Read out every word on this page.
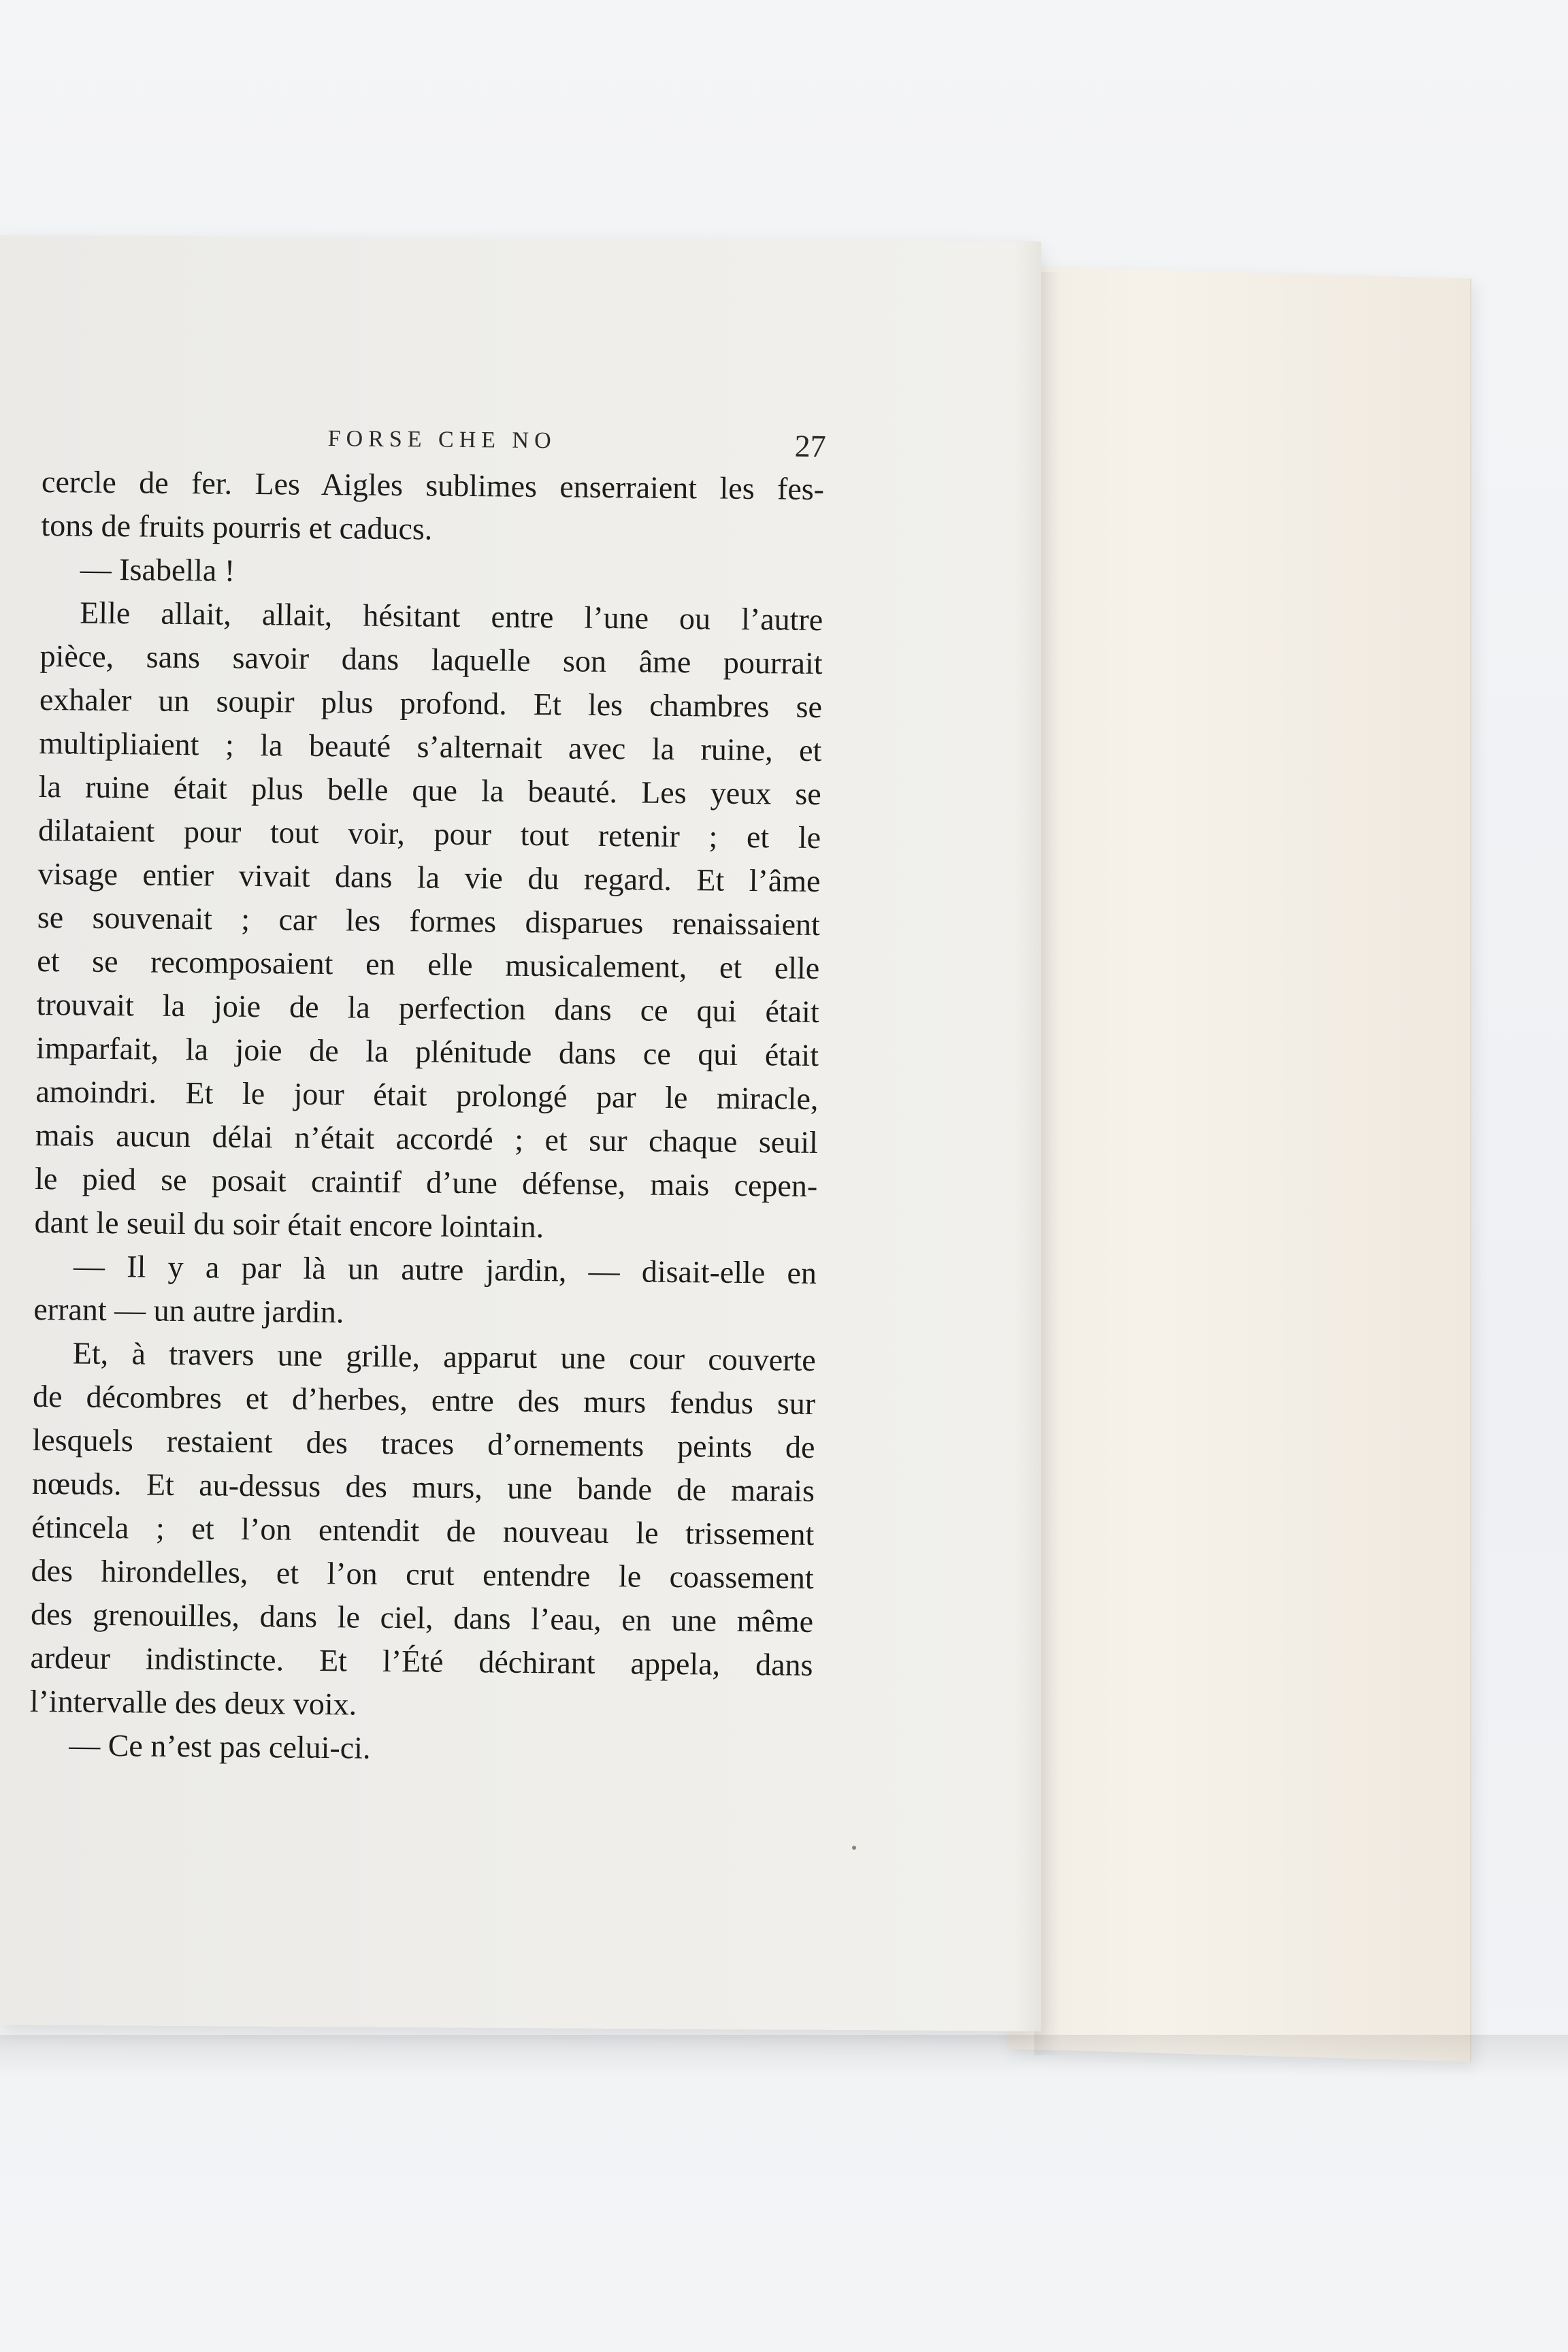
FORSE CHE NO	27
cercle de fer. Les Aigles sublimes enserraient les fes-
tons de fruits pourris et caducs.
— Isabella !
Elle allait, allait, hésitant entre l’une ou l’autre
pièce, sans savoir dans laquelle son âme pourrait
exhaler un soupir plus profond. Et les chambres se
multipliaient ; la beauté s’alternait avec la ruine, et
la ruine était plus belle que la beauté. Les yeux se
dilataient pour tout voir, pour tout retenir ; et le
visage entier vivait dans la vie du regard. Et l’âme
se souvenait ; car les formes disparues renaissaient
et se recomposaient en elle musicalement, et elle
trouvait la joie de la perfection dans ce qui était
imparfait, la joie de la plénitude dans ce qui était
amoindri. Et le jour était prolongé par le miracle,
mais aucun délai n’était accordé ; et sur chaque seuil
le pied se posait craintif d’une défense, mais cepen-
dant le seuil du soir était encore lointain.
— Il y a par là un autre jardin, — disait-elle en
errant — un autre jardin.
Et, à travers une grille, apparut une cour couverte
de décombres et d’herbes, entre des murs fendus sur
lesquels restaient des traces d’ornements peints de
nœuds. Et au-dessus des murs, une bande de marais
étincela ; et l’on entendit de nouveau le trissement
des hirondelles, et l’on crut entendre le coassement
des grenouilles, dans le ciel, dans l’eau, en une même
ardeur indistincte. Et l’Été déchirant appela, dans
l’intervalle des deux voix.
— Ce n’est pas celui-ci.
